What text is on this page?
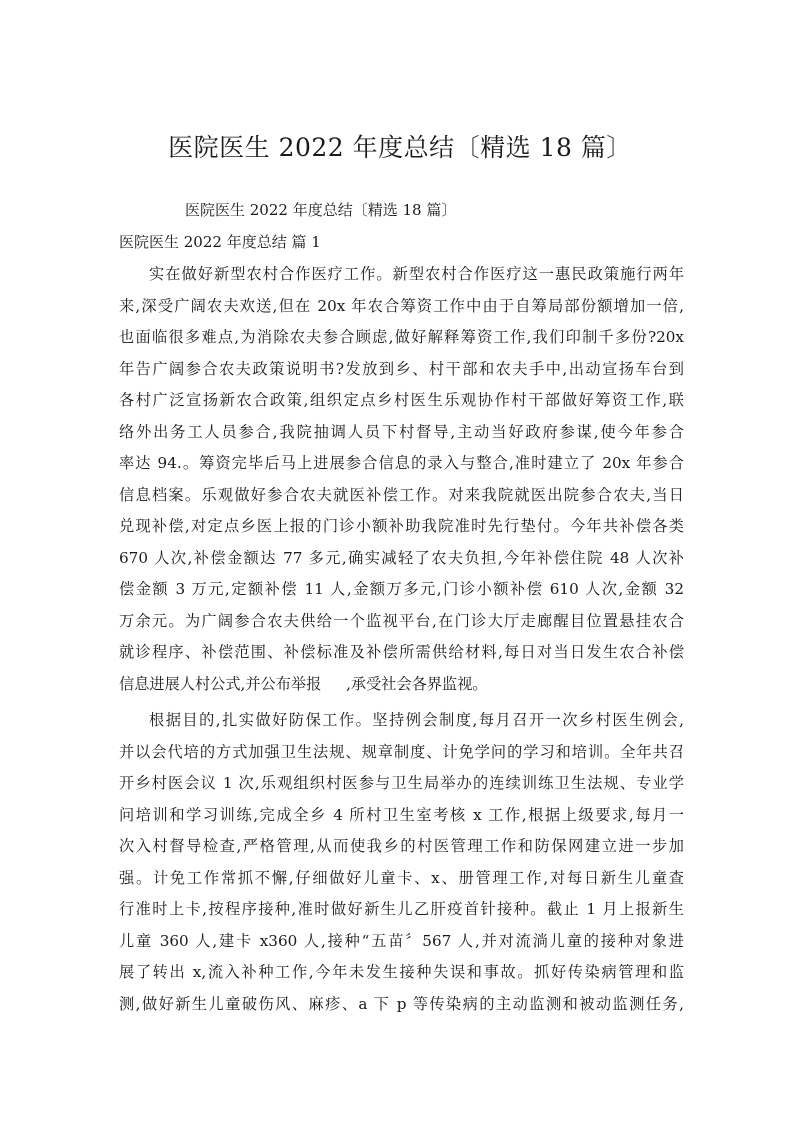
医院医生 2022 年度总结〔精选 18 篇〕

医院医生 2022 年度总结〔精选 18 篇〕

医院医生 2022 年度总结 篇 1

实在做好新型农村合作医疗工作。新型农村合作医疗这一惠民政策施行两年
来,深受广阔农夫欢送,但在 20x 年农合筹资工作中由于自筹局部份额增加一倍,
也面临很多难点,为消除农夫参合顾虑,做好解释筹资工作,我们印制千多份?20x
年告广阔参合农夫政策说明书?发放到乡、村干部和农夫手中,出动宣扬车台到
各村广泛宣扬新农合政策,组织定点乡村医生乐观协作村干部做好筹资工作,联
络外出务工人员参合,我院抽调人员下村督导,主动当好政府参谋,使今年参合
率达 94.。筹资完毕后马上进展参合信息的录入与整合,准时建立了 20x 年参合
信息档案。乐观做好参合农夫就医补偿工作。对来我院就医出院参合农夫,当日
兑现补偿,对定点乡医上报的门诊小额补助我院准时先行垫付。今年共补偿各类
670 人次,补偿金额达 77 多元,确实减轻了农夫负担,今年补偿住院 48 人次补
偿金额 3 万元,定额补偿 11 人,金额万多元,门诊小额补偿 610 人次,金额 32
万余元。为广阔参合农夫供给一个监视平台,在门诊大厅走廊醒目位置悬挂农合
就诊程序、补偿范围、补偿标准及补偿所需供给材料,每日对当日发生农合补偿
信息进展人村公式,并公布举报 　 ,承受社会各界监视。
根据目的,扎实做好防保工作。坚持例会制度,每月召开一次乡村医生例会,
并以会代培的方式加强卫生法规、规章制度、计免学问的学习和培训。全年共召
开乡村医会议 1 次,乐观组织村医参与卫生局举办的连续训练卫生法规、专业学
问培训和学习训练,完成全乡 4 所村卫生室考核 x 工作,根据上级要求,每月一
次入村督导检查,严格管理,从而使我乡的村医管理工作和防保网建立进一步加
强。计免工作常抓不懈,仔细做好儿童卡、x、册管理工作,对每日新生儿童查
行准时上卡,按程序接种,准时做好新生儿乙肝疫首针接种。截止 1 月上报新生
儿童 360 人,建卡 x360 人,接种“五苗〞567 人,并对流淌儿童的接种对象进
展了转出 x,流入补种工作,今年未发生接种失误和事故。抓好传染病管理和监
测,做好新生儿童破伤风、麻疹、a 下 p 等传染病的主动监测和被动监测任务,
